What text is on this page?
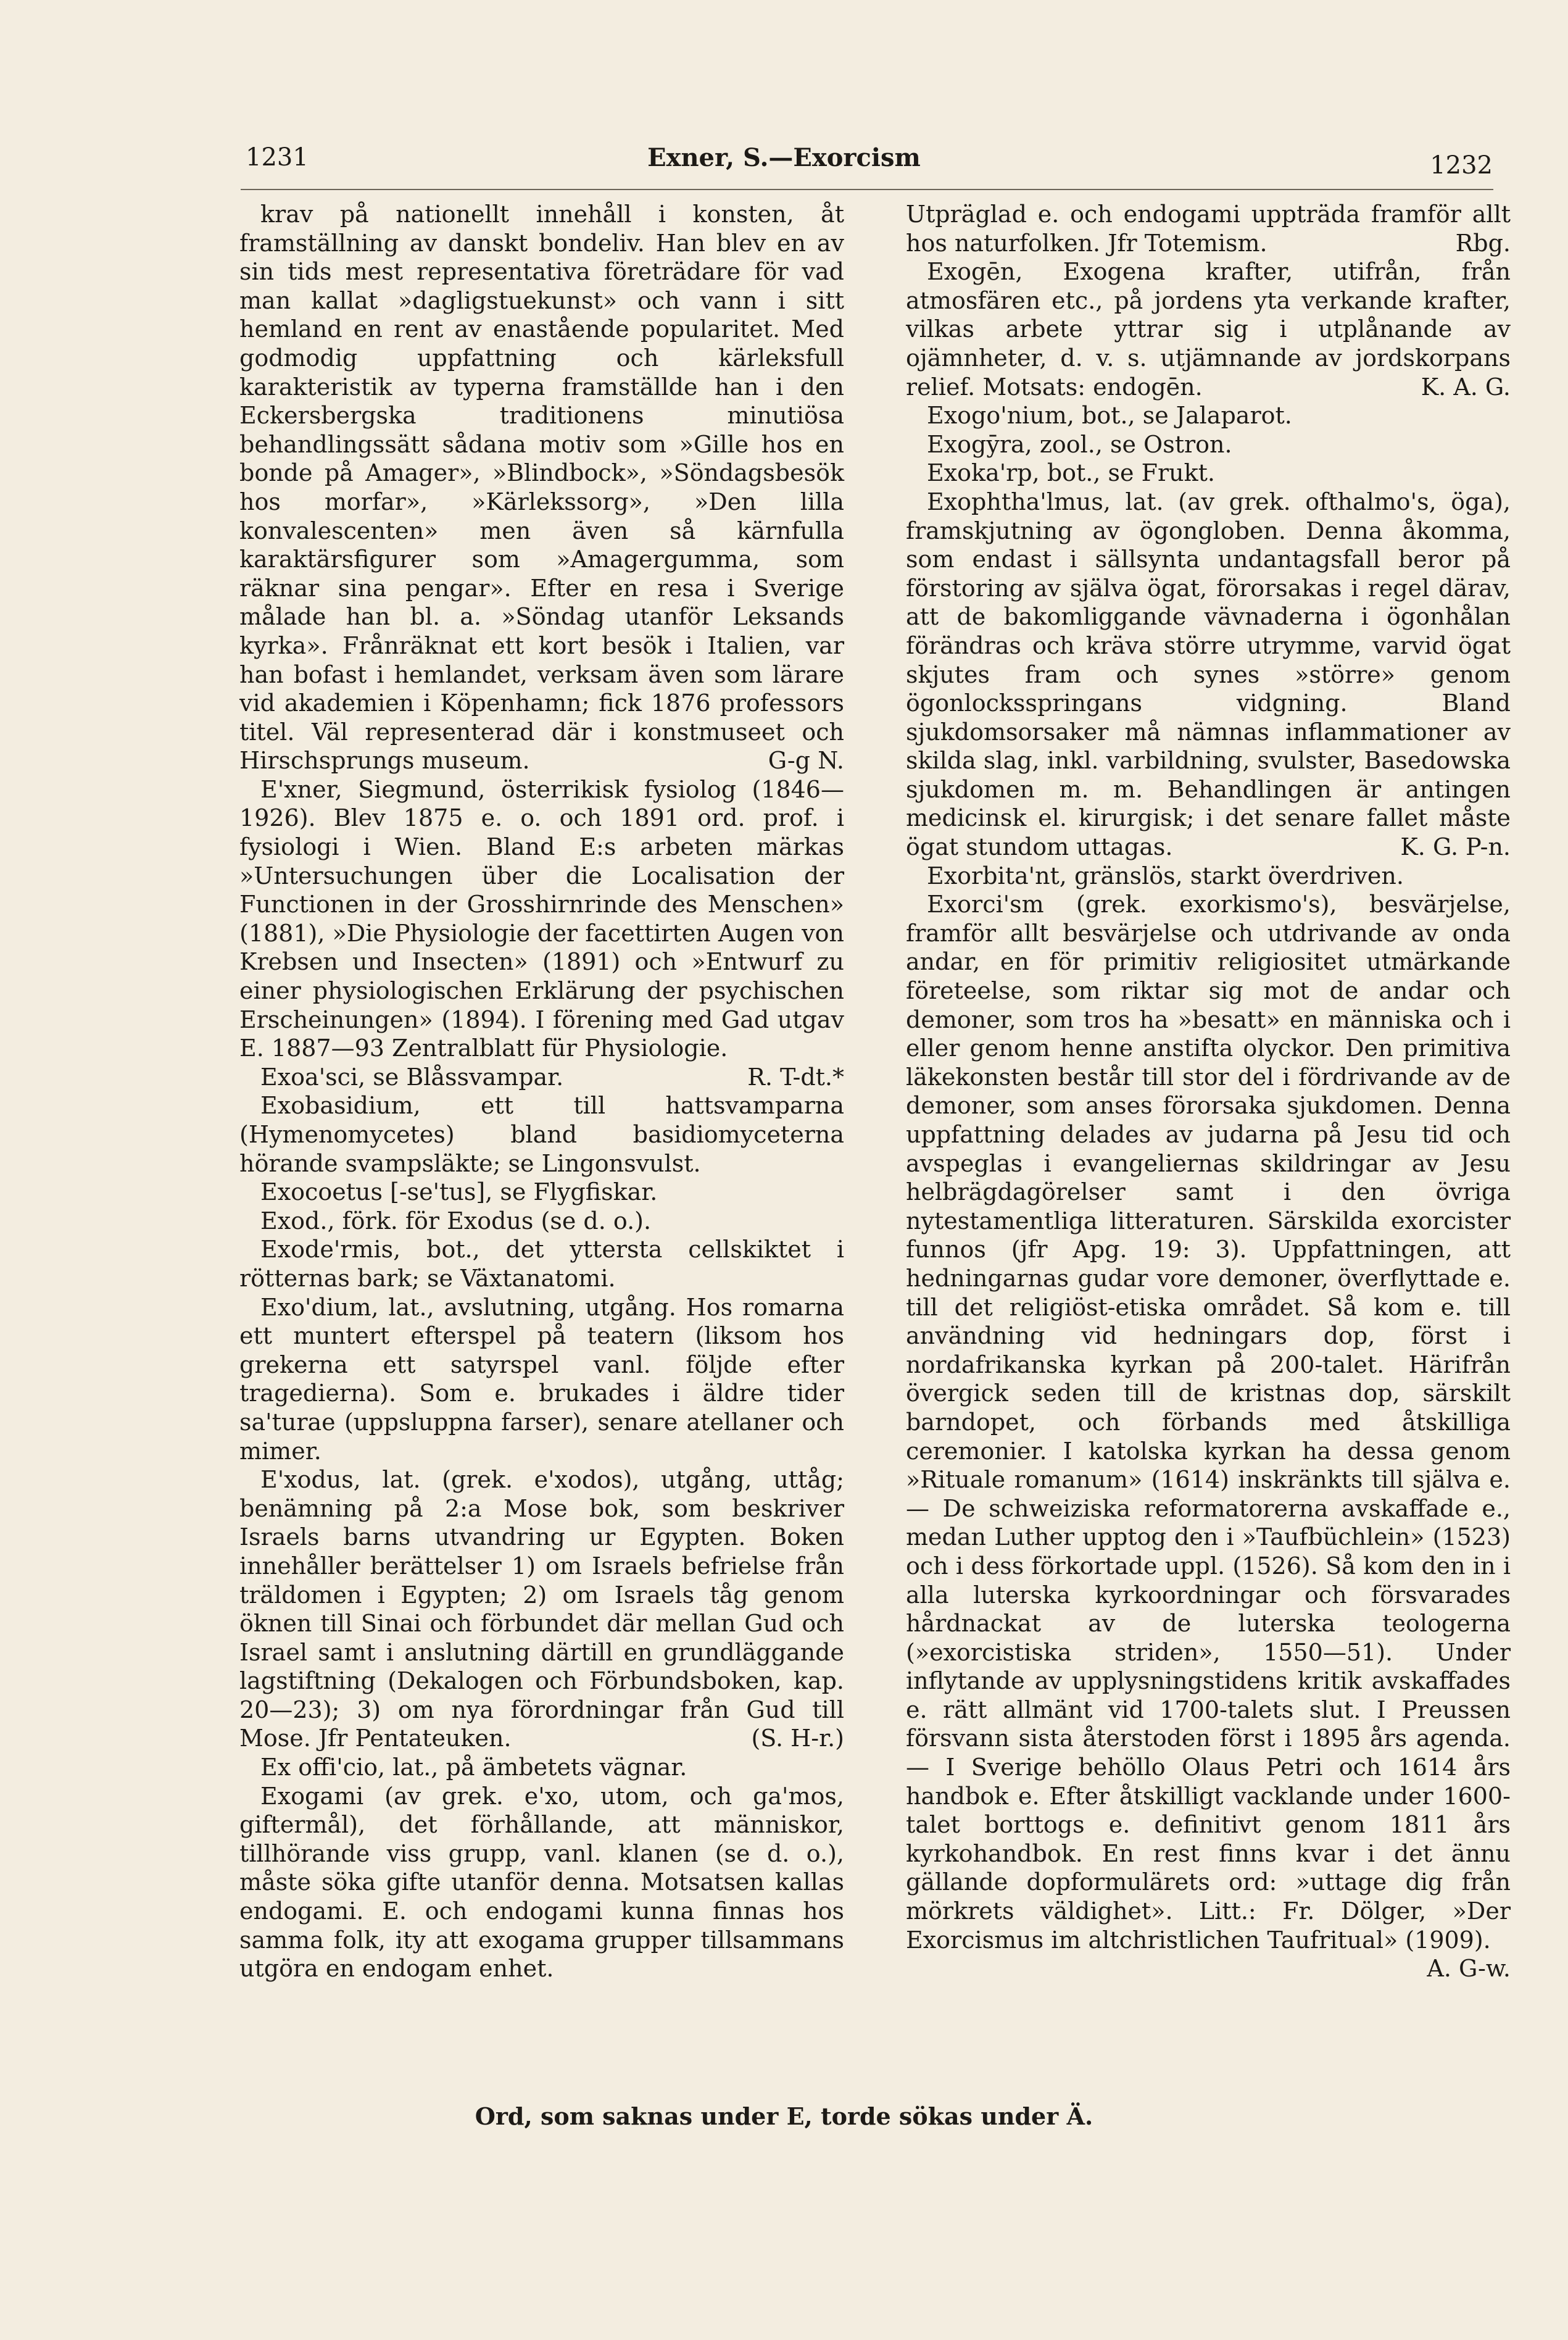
1231	Exner, S.—Exorcism	1232

krav på nationellt innehåll i konsten, åt framställning av danskt bondeliv. Han blev en av sin tids mest representativa företrädare för vad man kallat »dagligstuekunst» och vann i sitt hemland en rent av enastående popularitet. Med godmodig uppfattning och kärleksfull karakteristik av typerna framställde han i den Eckersbergska traditionens minutiösa behandlingssätt sådana motiv som »Gille hos en bonde på Amager», »Blindbock», »Söndagsbesök hos morfar», »Kärlekssorg», »Den lilla konvalescenten» men även så kärnfulla karaktärsfigurer som »Amagergumma, som räknar sina pengar». Efter en resa i Sverige målade han bl. a. »Söndag utanför Leksands kyrka». Frånräknat ett kort besök i Italien, var han bofast i hemlandet, verksam även som lärare vid akademien i Köpenhamn; fick 1876 professors titel. Väl representerad där i konstmuseet och Hirschsprungs museum.	G-g N.

E'xner, Siegmund, österrikisk fysiolog (1846—1926). Blev 1875 e. o. och 1891 ord. prof. i fysiologi i Wien. Bland E:s arbeten märkas »Untersuchungen über die Localisation der Functionen in der Grosshirnrinde des Menschen» (1881), »Die Physiologie der facettirten Augen von Krebsen und Insecten» (1891) och »Entwurf zu einer physiologischen Erklärung der psychischen Erscheinungen» (1894). I förening med Gad utgav E. 1887—93 Zentralblatt für Physiologie.
R. T-dt.*

Exoa'sci, se Blåssvampar.

Exobasidium, ett till hattsvamparna (Hymenomycetes) bland basidiomyceterna hörande svampsläkte; se Lingonsvulst.

Exocoetus [-se'tus], se Flygfiskar.

Exod., förk. för Exodus (se d. o.).

Exode'rmis, bot., det yttersta cellskiktet i rötternas bark; se Växtanatomi.

Exo'dium, lat., avslutning, utgång. Hos romarna ett muntert efterspel på teatern (liksom hos grekerna ett satyrspel vanl. följde efter tragedierna). Som e. brukades i äldre tider sa'turae (uppsluppna farser), senare atellaner och mimer.

E'xodus, lat. (grek. e'xodos), utgång, uttåg; benämning på 2:a Mose bok, som beskriver Israels barns utvandring ur Egypten. Boken innehåller berättelser 1) om Israels befrielse från träldomen i Egypten; 2) om Israels tåg genom öknen till Sinai och förbundet där mellan Gud och Israel samt i anslutning därtill en grundläggande lagstiftning (Dekalogen och Förbundsboken, kap. 20—23); 3) om nya förordningar från Gud till Mose. Jfr Pentateuken.	(S. H-r.)

Ex offi'cio, lat., på ämbetets vägnar.

Exogami (av grek. e'xo, utom, och ga'mos, giftermål), det förhållande, att människor, tillhörande viss grupp, vanl. klanen (se d. o.), måste söka gifte utanför denna. Motsatsen kallas endogami. E. och endogami kunna finnas hos samma folk, ity att exogama grupper tillsammans utgöra en endogam enhet.

Utpräglad e. och endogami uppträda framför allt hos naturfolken. Jfr Totemism.	Rbg.

Exogēn, Exogena krafter, utifrån, från atmosfären etc., på jordens yta verkande krafter, vilkas arbete yttrar sig i utplånande av ojämnheter, d. v. s. utjämnande av jordskorpans relief. Motsats: endogēn.	K. A. G.

Exogo'nium, bot., se Jalaparot.

Exogȳra, zool., se Ostron.

Exoka'rp, bot., se Frukt.

Exophtha'lmus, lat. (av grek. ofthalmo's, öga), framskjutning av ögongloben. Denna åkomma, som endast i sällsynta undantagsfall beror på förstoring av själva ögat, förorsakas i regel därav, att de bakomliggande vävnaderna i ögonhålan förändras och kräva större utrymme, varvid ögat skjutes fram och synes »större» genom ögonlocksspringans vidgning. Bland sjukdomsorsaker må nämnas inflammationer av skilda slag, inkl. varbildning, svulster, Basedowska sjukdomen m. m. Behandlingen är antingen medicinsk el. kirurgisk; i det senare fallet måste ögat stundom uttagas.	K. G. P-n.

Exorbita'nt, gränslös, starkt överdriven.

Exorci'sm (grek. exorkismo's), besvärjelse, framför allt besvärjelse och utdrivande av onda andar, en för primitiv religiositet utmärkande företeelse, som riktar sig mot de andar och demoner, som tros ha »besatt» en människa och i eller genom henne anstifta olyckor. Den primitiva läkekonsten består till stor del i fördrivande av de demoner, som anses förorsaka sjukdomen. Denna uppfattning delades av judarna på Jesu tid och avspeglas i evangeliernas skildringar av Jesu helbrägdagörelser samt i den övriga nytestamentliga litteraturen. Särskilda exorcister funnos (jfr Apg. 19: 3). Uppfattningen, att hedningarnas gudar vore demoner, överflyttade e. till det religiöst-etiska området. Så kom e. till användning vid hedningars dop, först i nordafrikanska kyrkan på 200-talet. Härifrån övergick seden till de kristnas dop, särskilt barndopet, och förbands med åtskilliga ceremonier. I katolska kyrkan ha dessa genom »Rituale romanum» (1614) inskränkts till själva e. — De schweiziska reformatorerna avskaffade e., medan Luther upptog den i »Taufbüchlein» (1523) och i dess förkortade uppl. (1526). Så kom den in i alla luterska kyrkoordningar och försvarades hårdnackat av de luterska teologerna (»exorcistiska striden», 1550—51). Under inflytande av upplysningstidens kritik avskaffades e. rätt allmänt vid 1700-talets slut. I Preussen försvann sista återstoden först i 1895 års agenda. — I Sverige behöllo Olaus Petri och 1614 års handbok e. Efter åtskilligt vacklande under 1600-talet borttogs e. definitivt genom 1811 års kyrkohandbok. En rest finns kvar i det ännu gällande dopformulärets ord: »uttage dig från mörkrets väldighet». Litt.: Fr. Dölger, »Der Exorcismus im altchristlichen Taufritual» (1909).
A. G-w.

Ord, som saknas under E, torde sökas under Ä.
